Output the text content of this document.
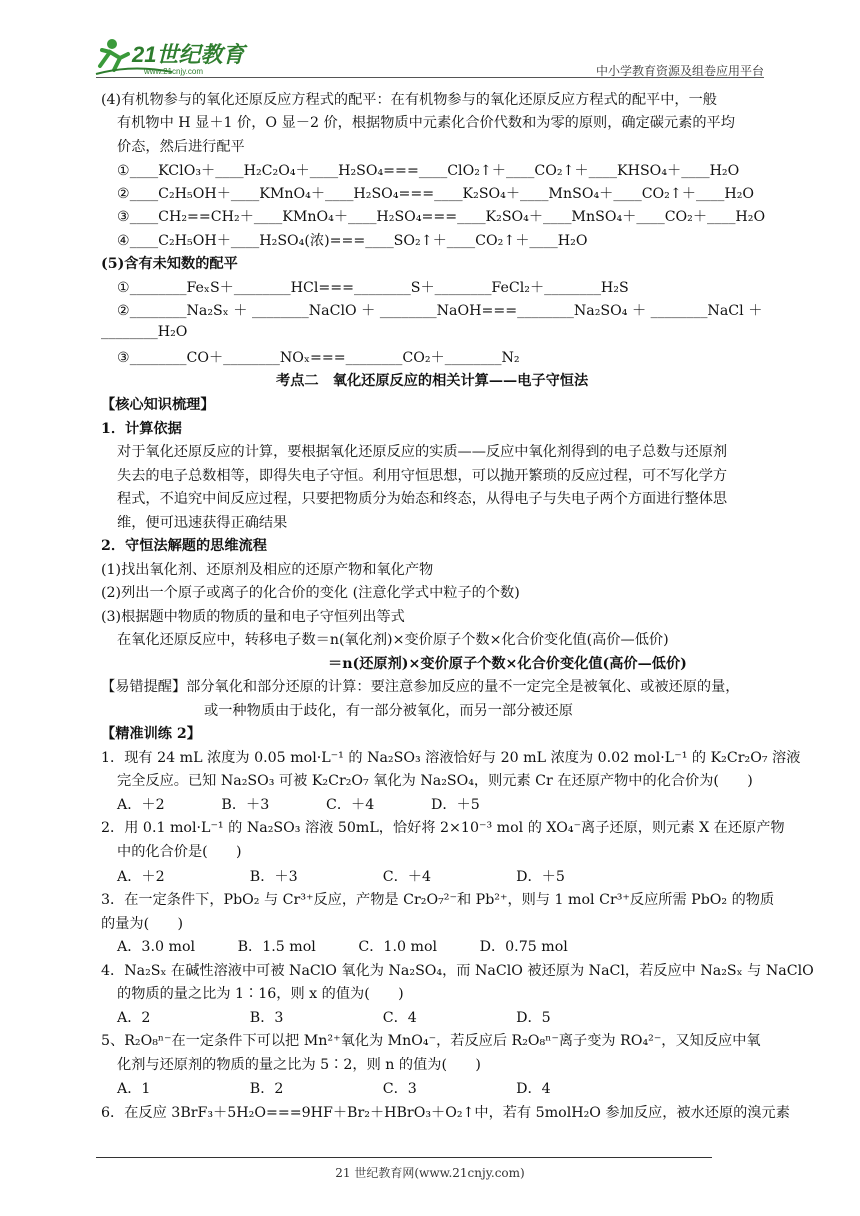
21世纪教育
www.21cnjy.com	中小学教育资源及组卷应用平台
(4)有机物参与的氧化还原反应方程式的配平：在有机物参与的氧化还原反应方程式的配平中，一般
有机物中 H 显＋1 价，O 显－2 价，根据物质中元素化合价代数和为零的原则，确定碳元素的平均
价态，然后进行配平
①____KClO₃＋____H₂C₂O₄＋____H₂SO₄===____ClO₂↑＋____CO₂↑＋____KHSO₄＋____H₂O
②____C₂H₅OH＋____KMnO₄＋____H₂SO₄===____K₂SO₄＋____MnSO₄＋____CO₂↑＋____H₂O
③____CH₂==CH₂＋____KMnO₄＋____H₂SO₄===____K₂SO₄＋____MnSO₄＋____CO₂＋____H₂O
④____C₂H₅OH＋____H₂SO₄(浓)===____SO₂↑＋____CO₂↑＋____H₂O
(5)含有未知数的配平
①________FeₓS＋________HCl===________S＋________FeCl₂＋________H₂S
②________Na₂Sₓ ＋ ________NaClO ＋ ________NaOH===________Na₂SO₄ ＋ ________NaCl ＋
________H₂O
③________CO＋________NOₓ===________CO₂＋________N₂
考点二　氧化还原反应的相关计算——电子守恒法
【核心知识梳理】
1．计算依据
对于氧化还原反应的计算，要根据氧化还原反应的实质——反应中氧化剂得到的电子总数与还原剂
失去的电子总数相等，即得失电子守恒。利用守恒思想，可以抛开繁琐的反应过程，可不写化学方
程式，不追究中间反应过程，只要把物质分为始态和终态，从得电子与失电子两个方面进行整体思
维，便可迅速获得正确结果
2．守恒法解题的思维流程
(1)找出氧化剂、还原剂及相应的还原产物和氧化产物
(2)列出一个原子或离子的化合价的变化 (注意化学式中粒子的个数)
(3)根据题中物质的物质的量和电子守恒列出等式
在氧化还原反应中，转移电子数＝n(氧化剂)×变价原子个数×化合价变化值(高价—低价)
＝n(还原剂)×变价原子个数×化合价变化值(高价—低价)
【易错提醒】部分氧化和部分还原的计算：要注意参加反应的量不一定完全是被氧化、或被还原的量，
或一种物质由于歧化，有一部分被氧化，而另一部分被还原
【精准训练 2】
1．现有 24 mL 浓度为 0.05 mol·L⁻¹ 的 Na₂SO₃ 溶液恰好与 20 mL 浓度为 0.02 mol·L⁻¹ 的 K₂Cr₂O₇ 溶液
完全反应。已知 Na₂SO₃ 可被 K₂Cr₂O₇ 氧化为 Na₂SO₄，则元素 Cr 在还原产物中的化合价为(　　)
A．＋2　　　　B．＋3　　　　C．＋4　　　　D．＋5
2．用 0.1 mol·L⁻¹ 的 Na₂SO₃ 溶液 50mL，恰好将 2×10⁻³ mol 的 XO₄⁻离子还原，则元素 X 在还原产物
中的化合价是(　　)
A．＋2　　　　　　B．＋3　　　　　　C．＋4　　　　　　D．＋5
3．在一定条件下，PbO₂ 与 Cr³⁺反应，产物是 Cr₂O₇²⁻和 Pb²⁺，则与 1 mol Cr³⁺反应所需 PbO₂ 的物质
的量为(　　)
A．3.0 mol　　　B．1.5 mol　　　C．1.0 mol　　　D．0.75 mol
4．Na₂Sₓ 在碱性溶液中可被 NaClO 氧化为 Na₂SO₄，而 NaClO 被还原为 NaCl，若反应中 Na₂Sₓ 与 NaClO
的物质的量之比为 1∶16，则 x 的值为(　　)
A．2　　　　　　　B．3　　　　　　　C．4　　　　　　　D．5
5、R₂O₈ⁿ⁻在一定条件下可以把 Mn²⁺氧化为 MnO₄⁻，若反应后 R₂O₈ⁿ⁻离子变为 RO₄²⁻，又知反应中氧
化剂与还原剂的物质的量之比为 5∶2，则 n 的值为(　　)
A．1　　　　　　　B．2　　　　　　　C．3　　　　　　　D．4
6．在反应 3BrF₃＋5H₂O===9HF＋Br₂＋HBrO₃＋O₂↑中，若有 5molH₂O 参加反应，被水还原的溴元素
21 世纪教育网(www.21cnjy.com)
